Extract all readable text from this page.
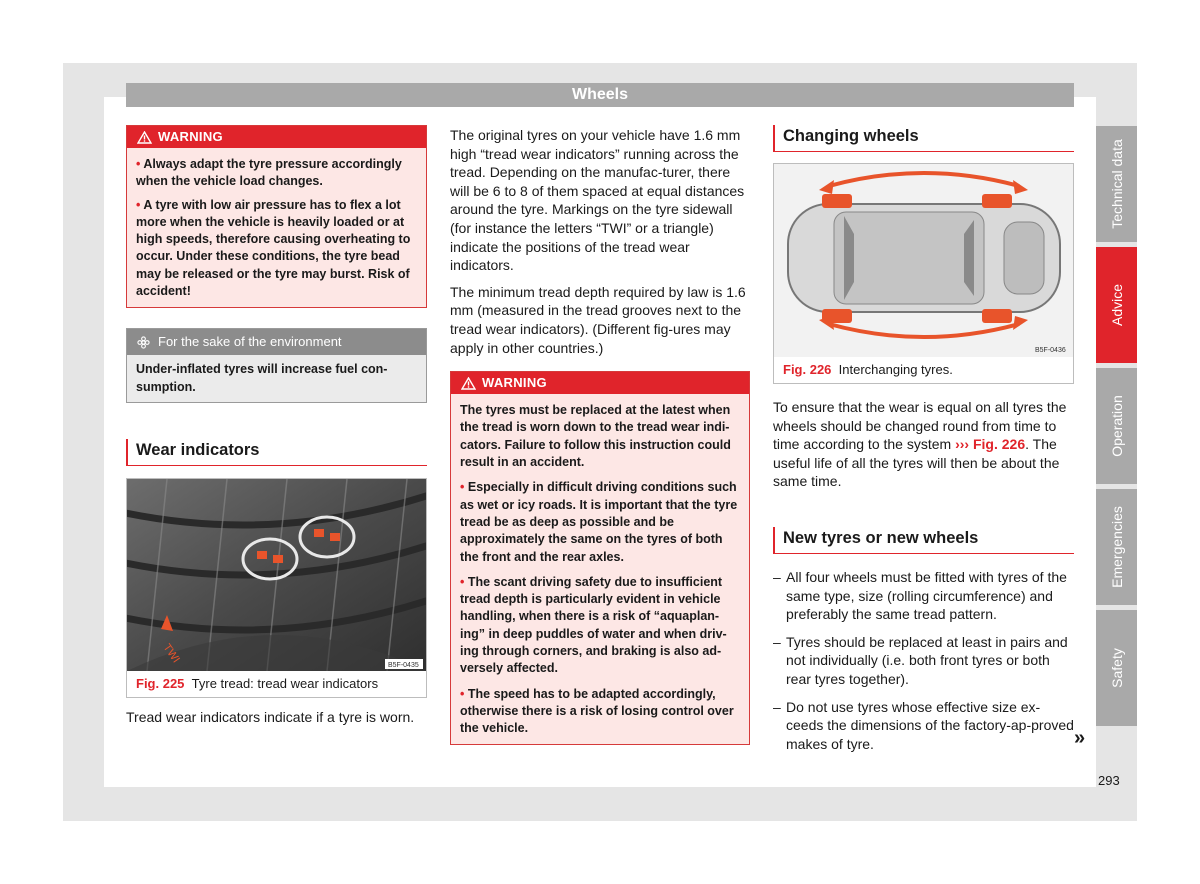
Wheels
WARNING

• Always adapt the tyre pressure accordingly when the vehicle load changes.

• A tyre with low air pressure has to flex a lot more when the vehicle is heavily loaded or at high speeds, therefore causing overheating to occur. Under these conditions, the tyre bead may be released or the tyre may burst. Risk of accident!

For the sake of the environment
Under-inflated tyres will increase fuel con-sumption.
Wear indicators
TWI
B5F-0435
Fig. 225 Tyre tread: tread wear indicators
Tread wear indicators indicate if a tyre is worn.

The original tyres on your vehicle have 1.6 mm high “tread wear indicators” running across the tread. Depending on the manufac-turer, there will be 6 to 8 of them spaced at equal distances around the tyre. Markings on the tyre sidewall (for instance the letters “TWI” or a triangle) indicate the positions of the tread wear indicators.

The minimum tread depth required by law is 1.6 mm (measured in the tread grooves next to the tread wear indicators). (Different fig-ures may apply in other countries.)

WARNING

The tyres must be replaced at the latest when the tread is worn down to the tread wear indi-cators. Failure to follow this instruction could result in an accident.

• Especially in difficult driving conditions such as wet or icy roads. It is important that the tyre tread be as deep as possible and be approximately the same on the tyres of both the front and the rear axles.

• The scant driving safety due to insufficient tread depth is particularly evident in vehicle handling, when there is a risk of “aquaplan-ing” in deep puddles of water and when driv-ing through corners, and braking is also ad-versely affected.

• The speed has to be adapted accordingly, otherwise there is a risk of losing control over the vehicle.

Changing wheels
B5F-0436
Fig. 226 Interchanging tyres.
To ensure that the wear is equal on all tyres the wheels should be changed round from time to time according to the system ››› Fig. 226. The useful life of all the tyres will then be about the same time.
New tyres or new wheels
– All four wheels must be fitted with tyres of the same type, size (rolling circumference) and preferably the same tread pattern.
– Tyres should be replaced at least in pairs and not individually (i.e. both front tyres or both rear tyres together).
– Do not use tyres whose effective size ex-ceeds the dimensions of the factory-ap-proved makes of tyre.	»
Technical data
Advice
Operation
Emergencies
Safety
293
